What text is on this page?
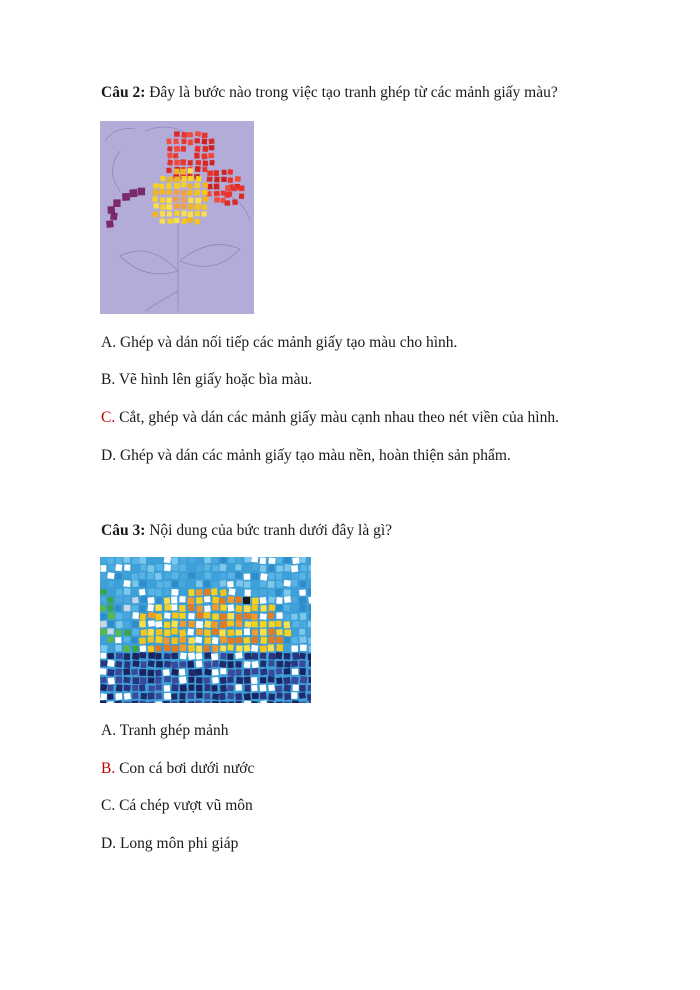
Câu 2: Đây là bước nào trong việc tạo tranh ghép từ các mảnh giấy màu?
A. Ghép và dán nối tiếp các mảnh giấy tạo màu cho hình.
B. Vẽ hình lên giấy hoặc bìa màu.
C. Cắt, ghép và dán các mảnh giấy màu cạnh nhau theo nét viền của hình.
D. Ghép và dán các mảnh giấy tạo màu nền, hoàn thiện sản phẩm.
Câu 3: Nội dung của bức tranh dưới đây là gì?
A. Tranh ghép mảnh
B. Con cá bơi dưới nước
C. Cá chép vượt vũ môn
D. Long môn phi giáp
